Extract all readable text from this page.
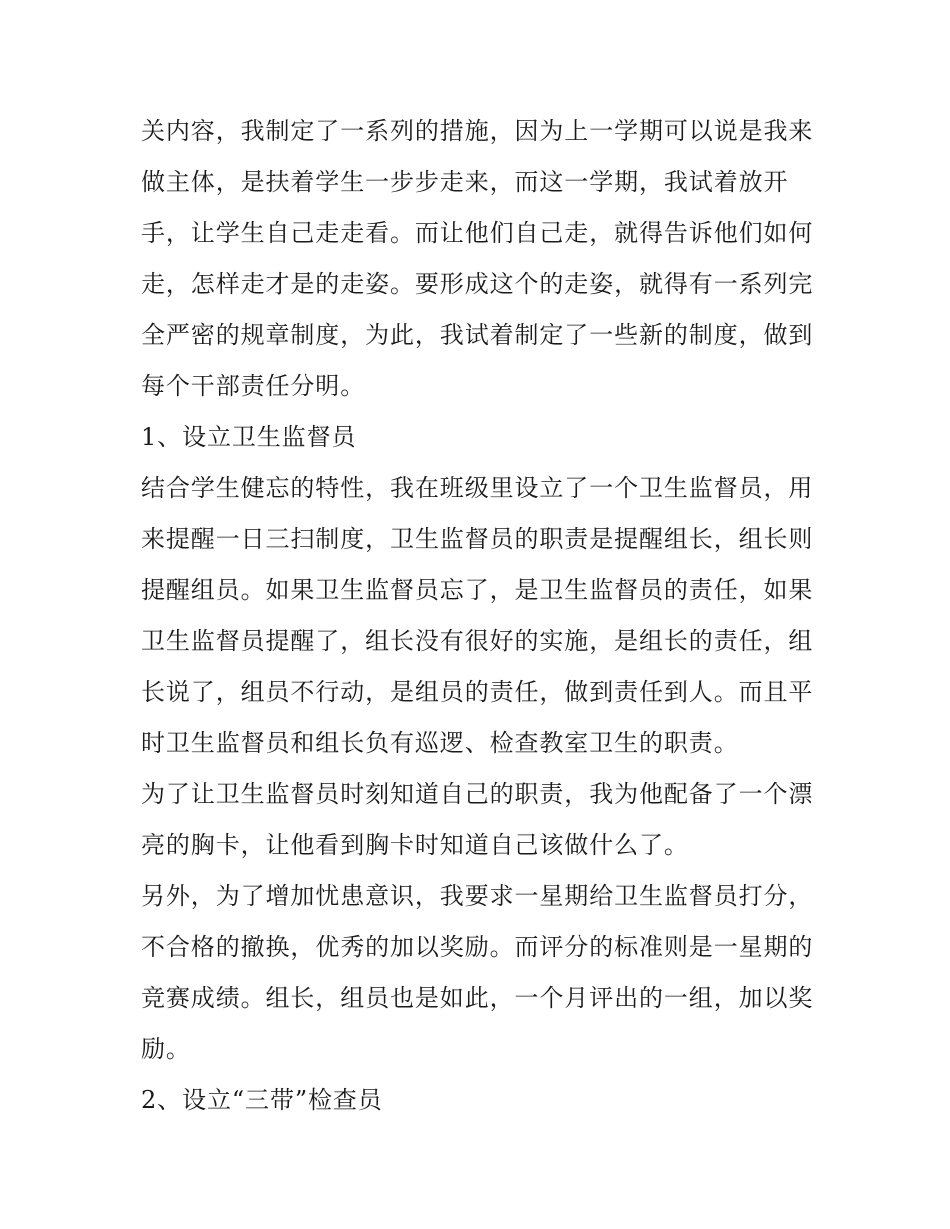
关内容，我制定了一系列的措施，因为上一学期可以说是我来
做主体，是扶着学生一步步走来，而这一学期，我试着放开
手，让学生自己走走看。而让他们自己走，就得告诉他们如何
走，怎样走才是的走姿。要形成这个的走姿，就得有一系列完
全严密的规章制度，为此，我试着制定了一些新的制度，做到
每个干部责任分明。
1、设立卫生监督员
结合学生健忘的特性，我在班级里设立了一个卫生监督员，用
来提醒一日三扫制度，卫生监督员的职责是提醒组长，组长则
提醒组员。如果卫生监督员忘了，是卫生监督员的责任，如果
卫生监督员提醒了，组长没有很好的实施，是组长的责任，组
长说了，组员不行动，是组员的责任，做到责任到人。而且平
时卫生监督员和组长负有巡逻、检查教室卫生的职责。
为了让卫生监督员时刻知道自己的职责，我为他配备了一个漂
亮的胸卡，让他看到胸卡时知道自己该做什么了。
另外，为了增加忧患意识，我要求一星期给卫生监督员打分，
不合格的撤换，优秀的加以奖励。而评分的标准则是一星期的
竞赛成绩。组长，组员也是如此，一个月评出的一组，加以奖
励。
2、设立“三带”检查员
